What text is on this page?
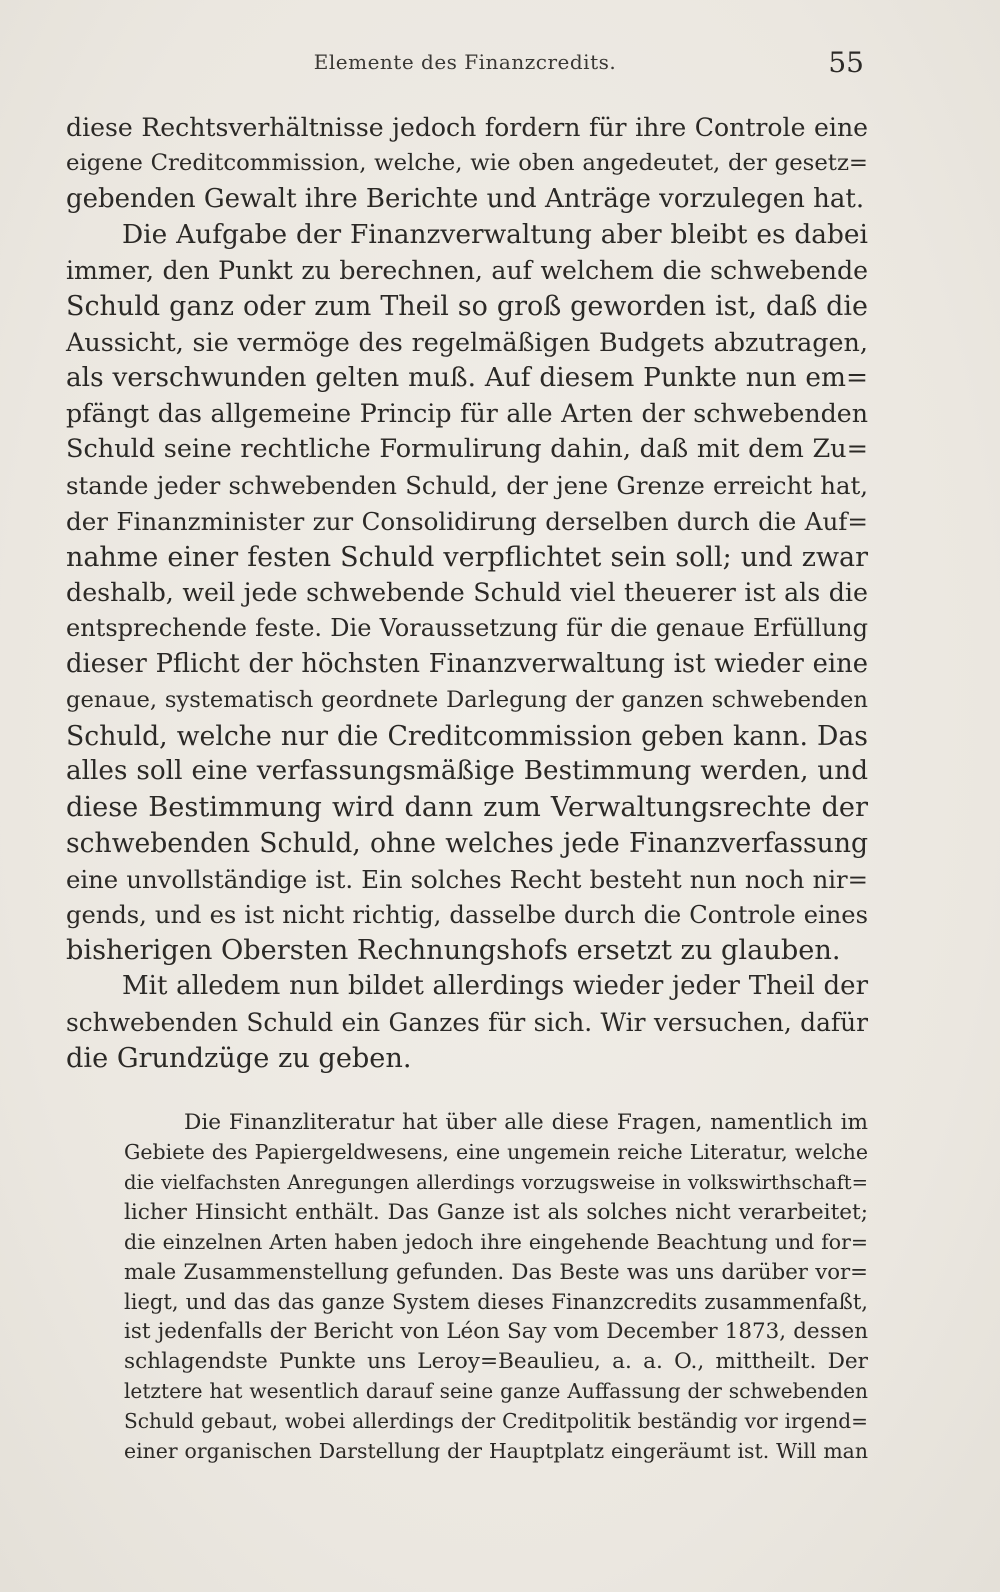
Elemente des Finanzcredits.	55
diese Rechtsverhältnisse jedoch fordern für ihre Controle eine
eigene Creditcommission, welche, wie oben angedeutet, der gesetz=
gebenden Gewalt ihre Berichte und Anträge vorzulegen hat.
Die Aufgabe der Finanzverwaltung aber bleibt es dabei
immer, den Punkt zu berechnen, auf welchem die schwebende
Schuld ganz oder zum Theil so groß geworden ist, daß die
Aussicht, sie vermöge des regelmäßigen Budgets abzutragen,
als verschwunden gelten muß. Auf diesem Punkte nun em=
pfängt das allgemeine Princip für alle Arten der schwebenden
Schuld seine rechtliche Formulirung dahin, daß mit dem Zu=
stande jeder schwebenden Schuld, der jene Grenze erreicht hat,
der Finanzminister zur Consolidirung derselben durch die Auf=
nahme einer festen Schuld verpflichtet sein soll; und zwar
deshalb, weil jede schwebende Schuld viel theuerer ist als die
entsprechende feste. Die Voraussetzung für die genaue Erfüllung
dieser Pflicht der höchsten Finanzverwaltung ist wieder eine
genaue, systematisch geordnete Darlegung der ganzen schwebenden
Schuld, welche nur die Creditcommission geben kann. Das
alles soll eine verfassungsmäßige Bestimmung werden, und
diese Bestimmung wird dann zum Verwaltungsrechte der
schwebenden Schuld, ohne welches jede Finanzverfassung
eine unvollständige ist. Ein solches Recht besteht nun noch nir=
gends, und es ist nicht richtig, dasselbe durch die Controle eines
bisherigen Obersten Rechnungshofs ersetzt zu glauben.
Mit alledem nun bildet allerdings wieder jeder Theil der
schwebenden Schuld ein Ganzes für sich. Wir versuchen, dafür
die Grundzüge zu geben.
Die Finanzliteratur hat über alle diese Fragen, namentlich im
Gebiete des Papiergeldwesens, eine ungemein reiche Literatur, welche
die vielfachsten Anregungen allerdings vorzugsweise in volkswirthschaft=
licher Hinsicht enthält. Das Ganze ist als solches nicht verarbeitet;
die einzelnen Arten haben jedoch ihre eingehende Beachtung und for=
male Zusammenstellung gefunden. Das Beste was uns darüber vor=
liegt, und das das ganze System dieses Finanzcredits zusammenfaßt,
ist jedenfalls der Bericht von Léon Say vom December 1873, dessen
schlagendste Punkte uns Leroy=Beaulieu, a. a. O., mittheilt. Der
letztere hat wesentlich darauf seine ganze Auffassung der schwebenden
Schuld gebaut, wobei allerdings der Creditpolitik beständig vor irgend=
einer organischen Darstellung der Hauptplatz eingeräumt ist. Will man
